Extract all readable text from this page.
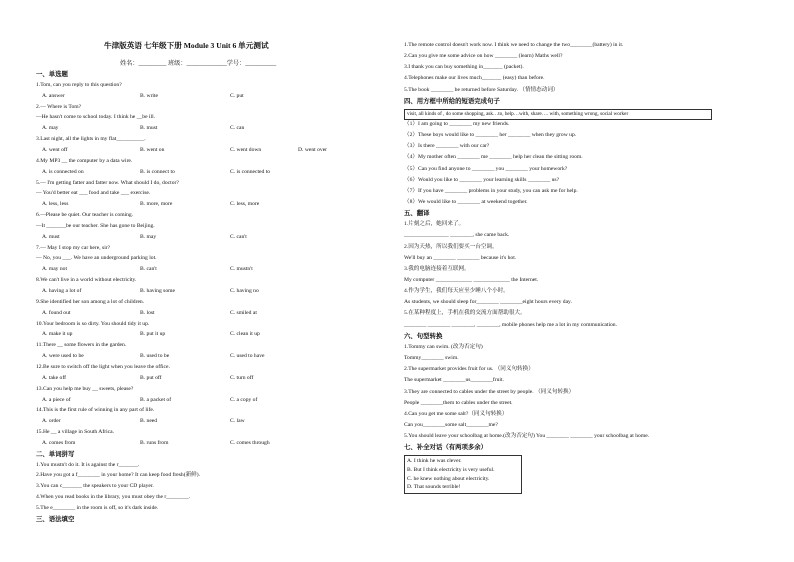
牛津版英语 七年级下册 Module 3 Unit 6 单元测试
姓名：_________ 班级：_____________学号：__________
一、单选题
1.Tom, can you reply to this question?
A. answer	B. write	C. put
2.— Where is Tom?
—He hasn't come to school today. I think he __be ill.
A. may	B. must	C. can
3.Last night, all the lights in my flat__________.
A. went off	B. went on	C. went down	D. went over
4.My MP3 __ the computer by a data wire.
A. is connected on	B. is connect to	C. is connected to
5.— I'm getting fatter and fatter now. What should I do, doctor?
— You'd better eat ___ food and take ___ exercise.
A. less, less	B. more, more	C. less, more
6.—Please be quiet. Our teacher is coming.
—It _______be our teacher. She has gone to Beijing.
A. must	B. may	C. can't
7.— May I stop my car here, sir?
— No, you ___. We have an underground parking lot.
A. may not	B. can't	C. mustn't
8.We can't live in a world without electricity.
A. having a lot of	B. having some	C. having no
9.She identified her son among a lot of children.
A. found out	B. lost	C. smiled at
10.Your bedroom is so dirty. You should tidy it up.
A. make it up	B. put it up	C. clean it up
11.There __ some flowers in the garden.
A. were used to be	B. used to be	C. used to have
12.Be sure to switch off the light when you leave the office.
A. take off	B. put off	C. turn off
13.Can you help me buy __ sweets, please?
A. a piece of	B. a packet of	C. a copy of
14.This is the first rule of winning in any part of life.
A. order	B. need	C. law
15.He __ a village in South Africa.
A. comes from	B. runs from	C. comes through
二、单词拼写
1.You mustn't do it. It is against the r_______.
2.Have you got a f________ in your home? It can keep food fresh(新鲜).
3.You can c_______ the speakers to your CD player.
4.When you read books in the library, you must obey the r________.
5.The e________ in the room is off, so it's dark inside.
三、语法填空
1.The remote control doesn't work now. I think we need to change the two________(battery) in it.
2.Can you give me some advice on how ________ (learn) Maths well?
3.I thank you can buy something in_______ (packet).
4.Telephones make our lives much_______ (easy) than before.
5.The book ________ be returned before Saturday. （情情态动词）
四、用方框中所给的短语完成句子
visit, all kinds of , do some shopping, ask…to, help…with, share…. with, something wrong, social worker
（1）I am going to ________ my new friends.
（2）These boys would like to ________ her ________ when they grow up.
（3）Is there ________ with our car?
（4）My mother often ________ me ________ help her clean the sitting room.
（5）Can you find anyone to ________ you ________ your homework?
（6）Would you like to ________ your learning skills ________ us?
（7）If you have ________ problems in your study, you can ask me for help.
（8）We would like to ________ at weekend together.
五、翻译
1.片刻之后，她回来了。
________________ ________, she came back.
2.因为天热，所以我们要买一台空调。
We'll buy an ________ ________ because it's hot.
3.我的电脑连接着互联网。
My computer _____________ _____________ the Internet.
4.作为学生，我们每天应至少睡八个小时。
As students, we should sleep for________ ________eight hours every day.
5.在某种程度上，手机在我的交流方面帮助很大。
________ ________ ________, ________, mobile phones help me a lot in my communication.
六、句型转换
1.Tommy can swim. (改为否定句)
Tommy________ swim.
2.The supermarket provides fruit for us. （同义句转换）
The supermarket ________us________fruit.
3.They are connected to cables under the street by people. （同义句转换）
People ________them to cables under the street.
4.Can you get me some salt?（同义句转换）
Can you________some salt________me?
5.You should leave your schoolbag at home.(改为否定句) You ________ ________ your schoolbag at home.
七、补全对话（有两项多余）
A. I think he was clever.
B. But I think electricity is very useful.
C. he knew nothing about electricity.
D. That sounds terrible!
